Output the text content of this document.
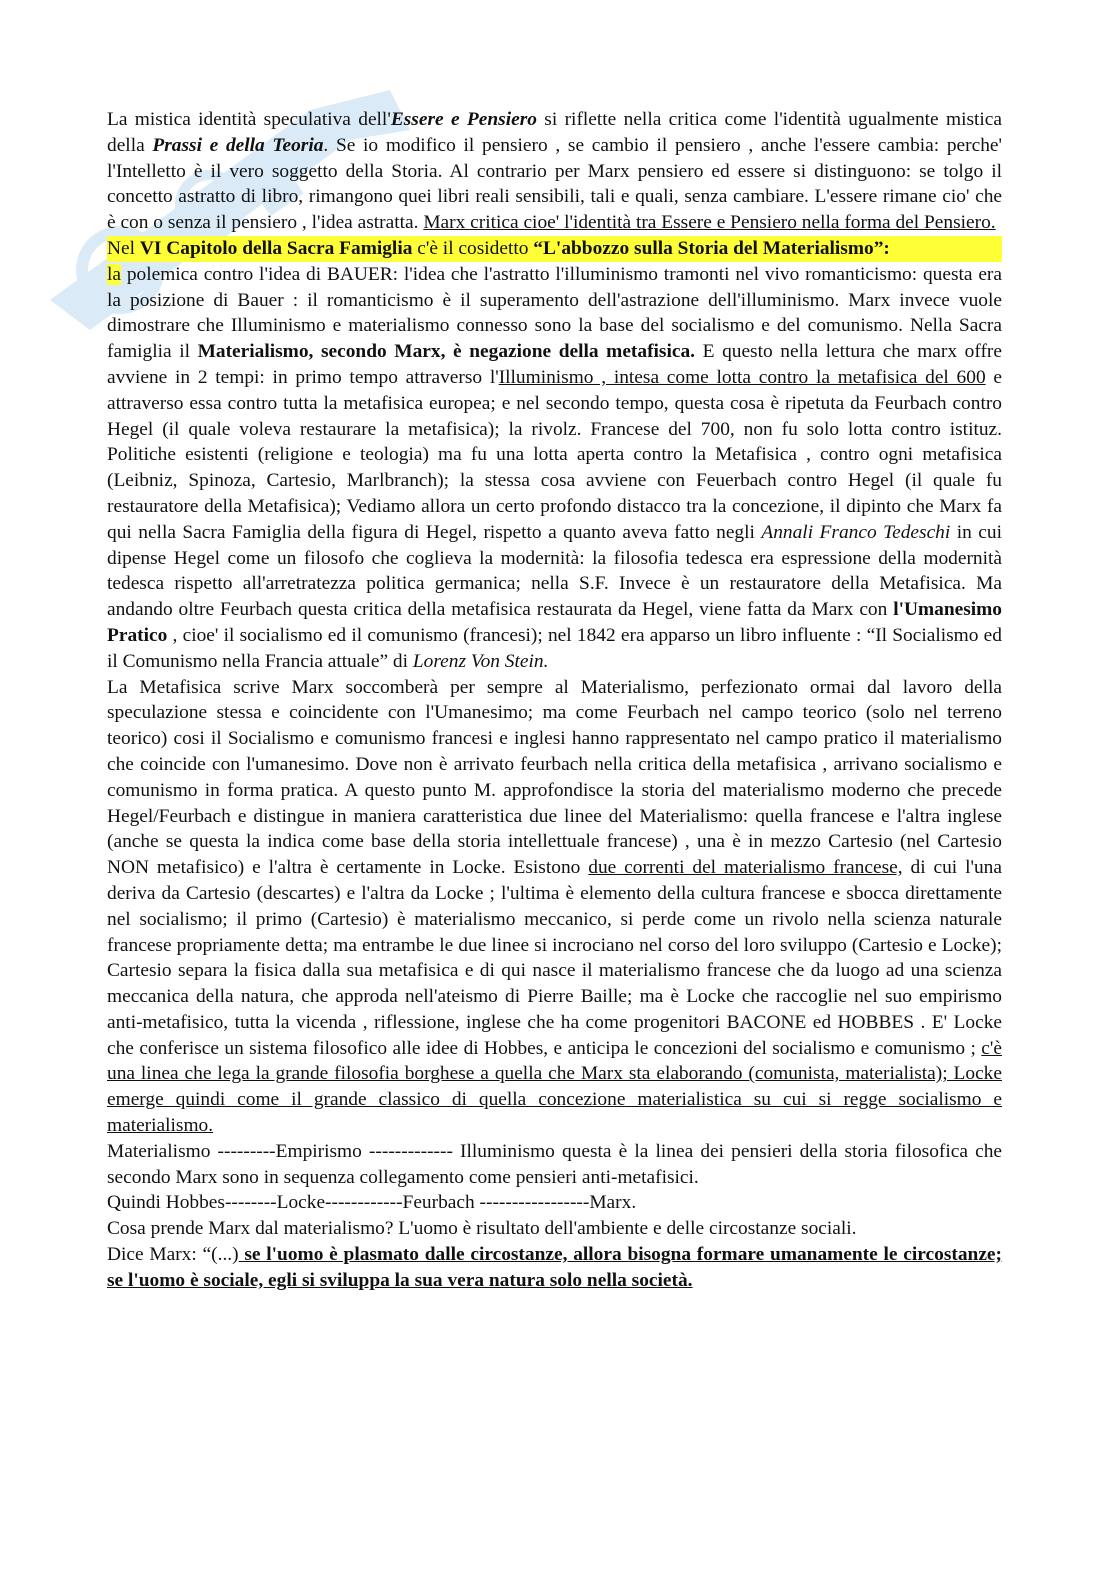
La mistica identità speculativa dell'Essere e Pensiero si riflette nella critica come l'identità ugualmente mistica della Prassi e della Teoria. Se io modifico il pensiero , se cambio il pensiero , anche l'essere cambia: perche' l'Intelletto è il vero soggetto della Storia. Al contrario per Marx pensiero ed essere si distinguono: se tolgo il concetto astratto di libro, rimangono quei libri reali sensibili, tali e quali, senza cambiare. L'essere rimane cio' che è con o senza il pensiero , l'idea astratta. Marx critica cioe' l'identità tra Essere e Pensiero nella forma del Pensiero.

Nel VI Capitolo della Sacra Famiglia c'è il cosidetto “L'abbozzo sulla Storia del Materialismo”:

la polemica contro l'idea di BAUER: l'idea che l'astratto l'illuminismo tramonti nel vivo romanticismo: questa era la posizione di Bauer : il romanticismo è il superamento dell'astrazione dell'illuminismo. Marx invece vuole dimostrare che Illuminismo e materialismo connesso sono la base del socialismo e del comunismo. Nella Sacra famiglia il Materialismo, secondo Marx, è negazione della metafisica. E questo nella lettura che marx offre avviene in 2 tempi: in primo tempo attraverso l'Illuminismo , intesa come lotta contro la metafisica del 600 e attraverso essa contro tutta la metafisica europea; e nel secondo tempo, questa cosa è ripetuta da Feurbach contro Hegel (il quale voleva restaurare la metafisica); la rivolz. Francese del 700, non fu solo lotta contro istituz. Politiche esistenti (religione e teologia) ma fu una lotta aperta contro la Metafisica , contro ogni metafisica (Leibniz, Spinoza, Cartesio, Marlbranch); la stessa cosa avviene con Feuerbach contro Hegel (il quale fu restauratore della Metafisica); Vediamo allora un certo profondo distacco tra la concezione, il dipinto che Marx fa qui nella Sacra Famiglia della figura di Hegel, rispetto a quanto aveva fatto negli Annali Franco Tedeschi in cui dipense Hegel come un filosofo che coglieva la modernità: la filosofia tedesca era espressione della modernità tedesca rispetto all'arretratezza politica germanica; nella S.F. Invece è un restauratore della Metafisica. Ma andando oltre Feurbach questa critica della metafisica restaurata da Hegel, viene fatta da Marx con l'Umanesimo Pratico , cioe' il socialismo ed il comunismo (francesi); nel 1842 era apparso un libro influente : “Il Socialismo ed il Comunismo nella Francia attuale” di Lorenz Von Stein.

La Metafisica scrive Marx soccomberà per sempre al Materialismo, perfezionato ormai dal lavoro della speculazione stessa e coincidente con l'Umanesimo; ma come Feurbach nel campo teorico (solo nel terreno teorico) cosi il Socialismo e comunismo francesi e inglesi hanno rappresentato nel campo pratico il materialismo che coincide con l'umanesimo. Dove non è arrivato feurbach nella critica della metafisica , arrivano socialismo e comunismo in forma pratica. A questo punto M. approfondisce la storia del materialismo moderno che precede Hegel/Feurbach e distingue in maniera caratteristica due linee del Materialismo: quella francese e l'altra inglese (anche se questa la indica come base della storia intellettuale francese) , una è in mezzo Cartesio (nel Cartesio NON metafisico) e l'altra è certamente in Locke. Esistono due correnti del materialismo francese, di cui l'una deriva da Cartesio (descartes) e l'altra da Locke ; l'ultima è elemento della cultura francese e sbocca direttamente nel socialismo; il primo (Cartesio) è materialismo meccanico, si perde come un rivolo nella scienza naturale francese propriamente detta; ma entrambe le due linee si incrociano nel corso del loro sviluppo (Cartesio e Locke); Cartesio separa la fisica dalla sua metafisica e di qui nasce il materialismo francese che da luogo ad una scienza meccanica della natura, che approda nell'ateismo di Pierre Baille; ma è Locke che raccoglie nel suo empirismo anti-metafisico, tutta la vicenda , riflessione, inglese che ha come progenitori BACONE ed HOBBES . E' Locke che conferisce un sistema filosofico alle idee di Hobbes, e anticipa le concezioni del socialismo e comunismo ; c'è una linea che lega la grande filosofia borghese a quella che Marx sta elaborando (comunista, materialista); Locke emerge quindi come il grande classico di quella concezione materialistica su cui si regge socialismo e materialismo.

Materialismo ---------Empirismo ------------- Illuminismo questa è la linea dei pensieri della storia filosofica che secondo Marx sono in sequenza collegamento come pensieri anti-metafisici.

Quindi Hobbes--------Locke------------Feurbach -----------------Marx.

Cosa prende Marx dal materialismo? L'uomo è risultato dell'ambiente e delle circostanze sociali.

Dice Marx: “(...) se l'uomo è plasmato dalle circostanze, allora bisogna formare umanamente le circostanze; se l'uomo è sociale, egli si sviluppa la sua vera natura solo nella società.
